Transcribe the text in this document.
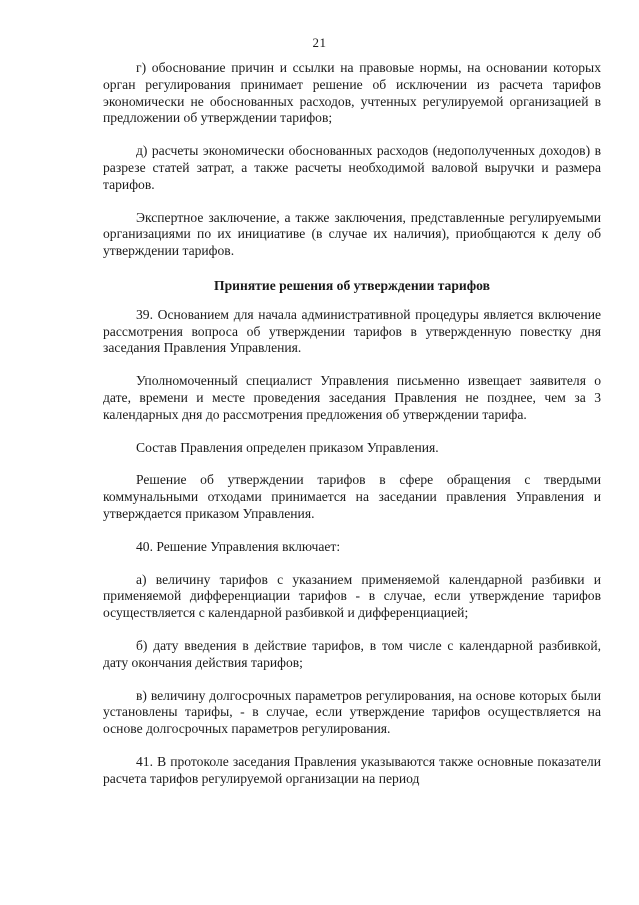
21

г) обоснование причин и ссылки на правовые нормы, на основании которых орган регулирования принимает решение об исключении из расчета тарифов экономически не обоснованных расходов, учтенных регулируемой организацией в предложении об утверждении тарифов;

д) расчеты экономически обоснованных расходов (недополученных доходов) в разрезе статей затрат, а также расчеты необходимой валовой выручки и размера тарифов.

Экспертное заключение, а также заключения, представленные регулируемыми организациями по их инициативе (в случае их наличия), приобщаются к делу об утверждении тарифов.

Принятие решения об утверждении тарифов

39. Основанием для начала административной процедуры является включение рассмотрения вопроса об утверждении тарифов в утвержденную повестку дня заседания Правления Управления.

Уполномоченный специалист Управления письменно извещает заявителя о дате, времени и месте проведения заседания Правления не позднее, чем за 3 календарных дня до рассмотрения предложения об утверждении тарифа.

Состав Правления определен приказом Управления.

Решение об утверждении тарифов в сфере обращения с твердыми коммунальными отходами принимается на заседании правления Управления и утверждается приказом Управления.

40. Решение Управления включает:

а) величину тарифов с указанием применяемой календарной разбивки и применяемой дифференциации тарифов - в случае, если утверждение тарифов осуществляется с календарной разбивкой и дифференциацией;

б) дату введения в действие тарифов, в том числе с календарной разбивкой, дату окончания действия тарифов;

в) величину долгосрочных параметров регулирования, на основе которых были установлены тарифы, - в случае, если утверждение тарифов осуществляется на основе долгосрочных параметров регулирования.

41. В протоколе заседания Правления указываются также основные показатели расчета тарифов регулируемой организации на период
